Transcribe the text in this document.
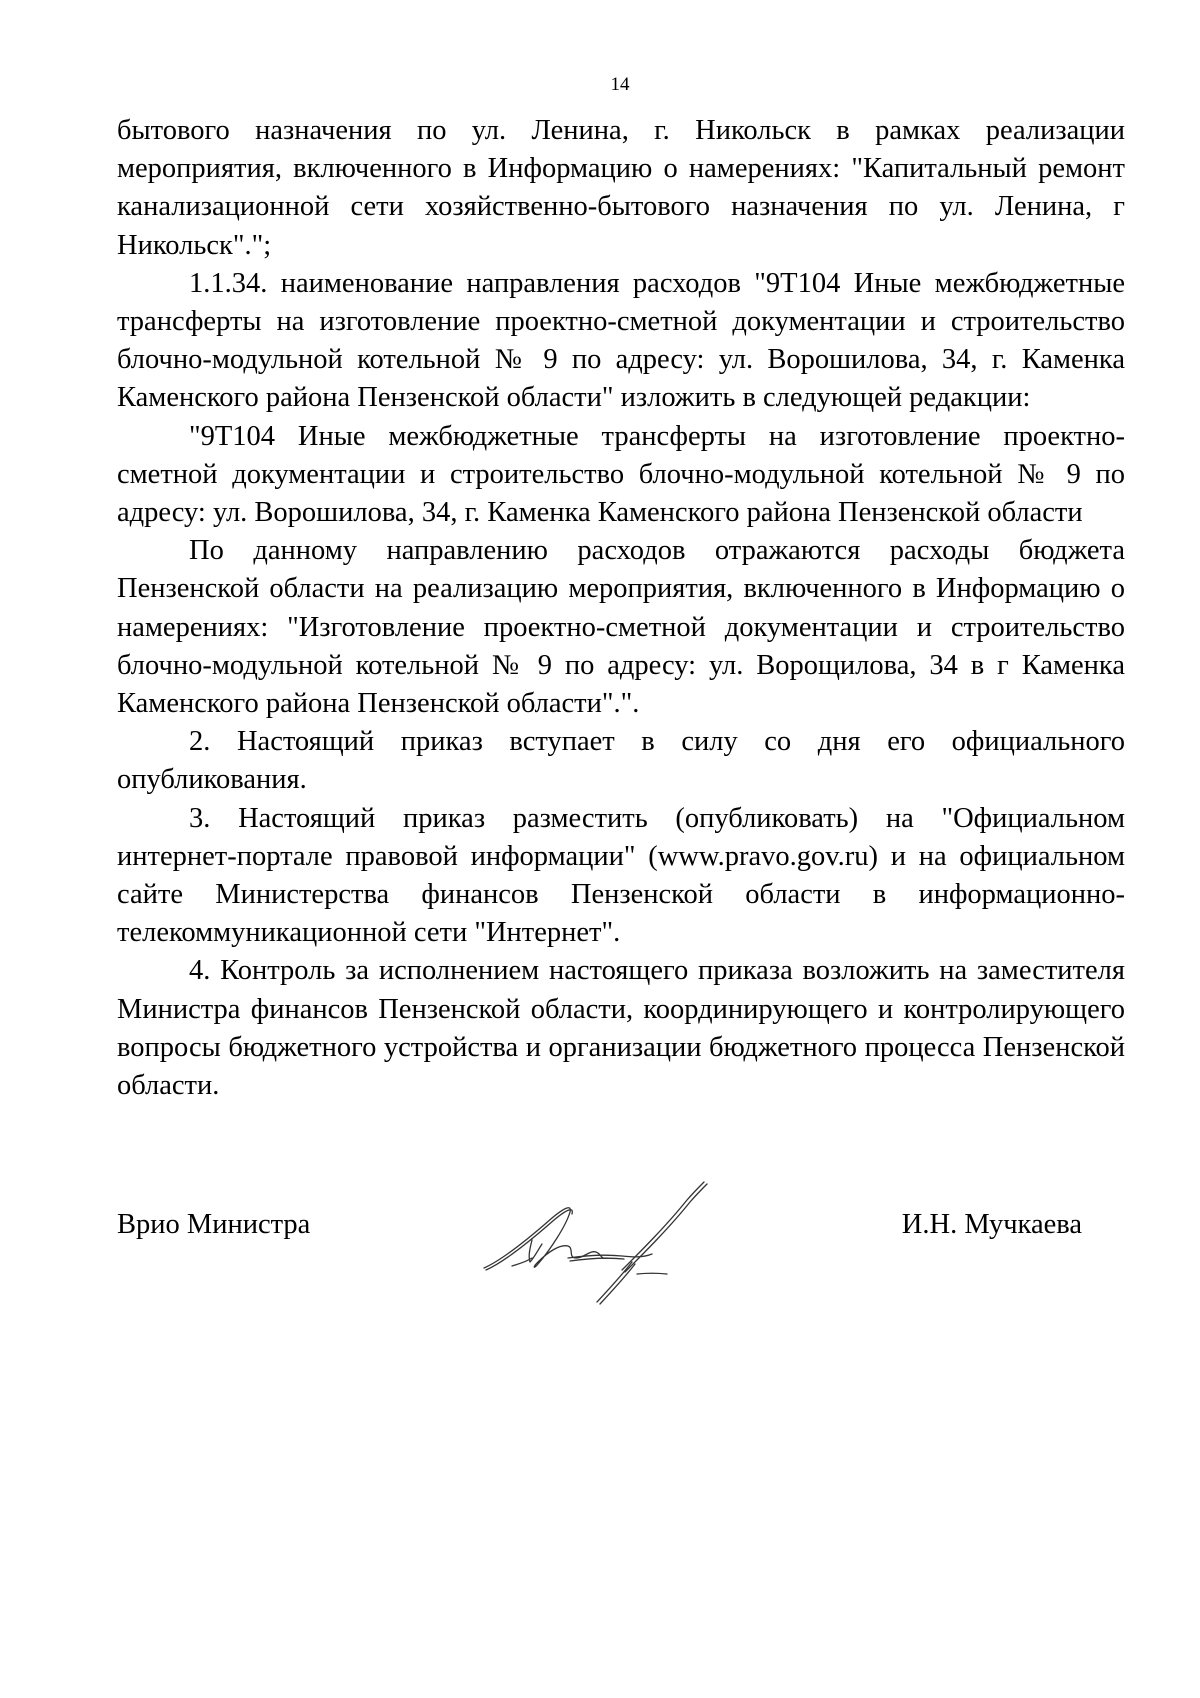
14

бытового назначения по ул. Ленина, г. Никольск в рамках реализации мероприятия, включенного в Информацию о намерениях: "Капитальный ремонт канализационной сети хозяйственно-бытового назначения по ул. Ленина, г Никольск".";

1.1.34. наименование направления расходов "9Т104 Иные межбюджетные трансферты на изготовление проектно-сметной документации и строительство блочно-модульной котельной № 9 по адресу: ул. Ворошилова, 34, г. Каменка Каменского района Пензенской области" изложить в следующей редакции:

"9Т104 Иные межбюджетные трансферты на изготовление проектно-сметной документации и строительство блочно-модульной котельной № 9 по адресу: ул. Ворошилова, 34, г. Каменка Каменского района Пензенской области

По данному направлению расходов отражаются расходы бюджета Пензенской области на реализацию мероприятия, включенного в Информацию о намерениях: "Изготовление проектно-сметной документации и строительство блочно-модульной котельной № 9 по адресу: ул. Ворощилова, 34 в г Каменка Каменского района Пензенской области".".

2. Настоящий приказ вступает в силу со дня его официального опубликования.

3. Настоящий приказ разместить (опубликовать) на "Официальном интернет-портале правовой информации" (www.pravo.gov.ru) и на официальном сайте Министерства финансов Пензенской области в информационно-телекоммуникационной сети "Интернет".

4. Контроль за исполнением настоящего приказа возложить на заместителя Министра финансов Пензенской области, координирующего и контролирующего вопросы бюджетного устройства и организации бюджетного процесса Пензенской области.

Врио Министра	И.Н. Мучкаева
